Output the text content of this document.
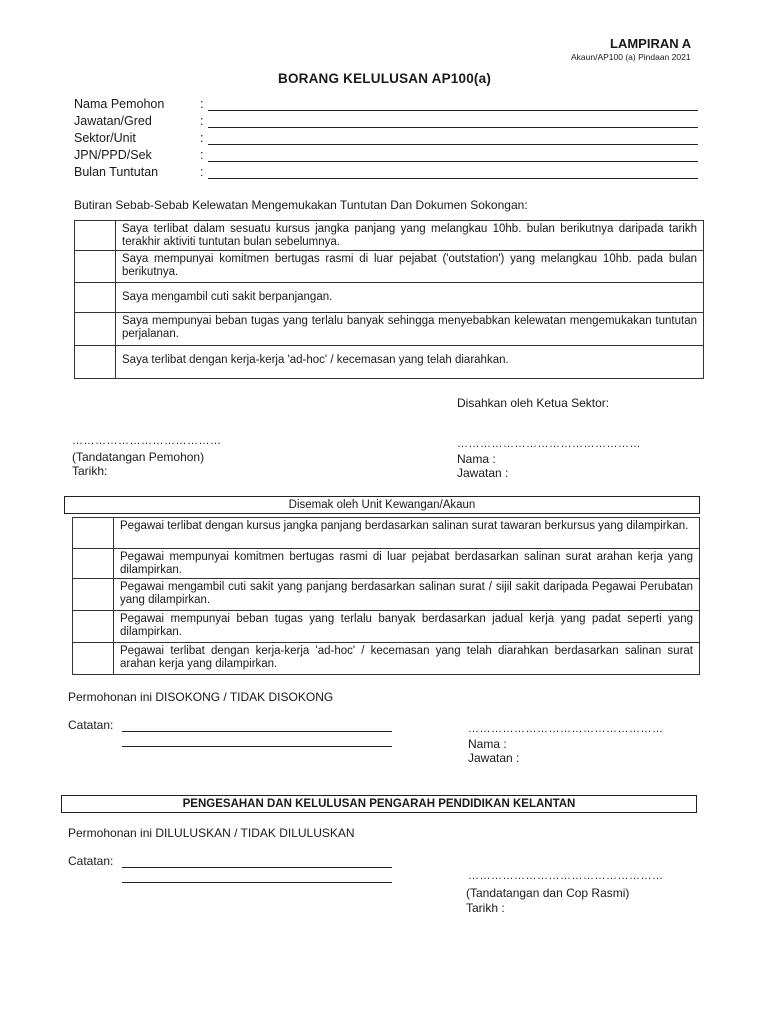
LAMPIRAN A
Akaun/AP100 (a) Pindaan 2021
BORANG KELULUSAN AP100(a)
Nama Pemohon	:
Jawatan/Gred	:
Sektor/Unit	:
JPN/PPD/Sek	:
Bulan Tuntutan	:
Butiran Sebab-Sebab Kelewatan Mengemukakan Tuntutan Dan Dokumen Sokongan:
	Saya terlibat dalam sesuatu kursus jangka panjang yang melangkau 10hb. bulan berikutnya daripada tarikh terakhir aktiviti tuntutan bulan sebelumnya.
	Saya mempunyai komitmen bertugas rasmi di luar pejabat ('outstation') yang melangkau 10hb. pada bulan berikutnya.
	Saya mengambil cuti sakit berpanjangan.
	Saya mempunyai beban tugas yang terlalu banyak sehingga menyebabkan kelewatan mengemukakan tuntutan perjalanan.
	Saya terlibat dengan kerja-kerja 'ad-hoc' / kecemasan yang telah diarahkan.
Disahkan oleh Ketua Sektor:
…………………………………
(Tandatangan Pemohon)
Tarikh:
…………………………………………
Nama :
Jawatan :
Disemak oleh Unit Kewangan/Akaun
	Pegawai terlibat dengan kursus jangka panjang berdasarkan salinan surat tawaran berkursus yang dilampirkan.
	Pegawai mempunyai komitmen bertugas rasmi di luar pejabat berdasarkan salinan surat arahan kerja yang dilampirkan.
	Pegawai mengambil cuti sakit yang panjang berdasarkan salinan surat / sijil sakit daripada Pegawai Perubatan yang dilampirkan.
	Pegawai mempunyai beban tugas yang terlalu banyak berdasarkan jadual kerja yang padat seperti yang dilampirkan.
	Pegawai terlibat dengan kerja-kerja 'ad-hoc' / kecemasan yang telah diarahkan berdasarkan salinan surat arahan kerja yang dilampirkan.
Permohonan ini DISOKONG / TIDAK DISOKONG
Catatan:	……………………………………………
Nama :
Jawatan :
PENGESAHAN DAN KELULUSAN PENGARAH PENDIDIKAN KELANTAN
Permohonan ini DILULUSKAN / TIDAK DILULUSKAN
Catatan:
……………………………………………
(Tandatangan dan Cop Rasmi)
Tarikh :
